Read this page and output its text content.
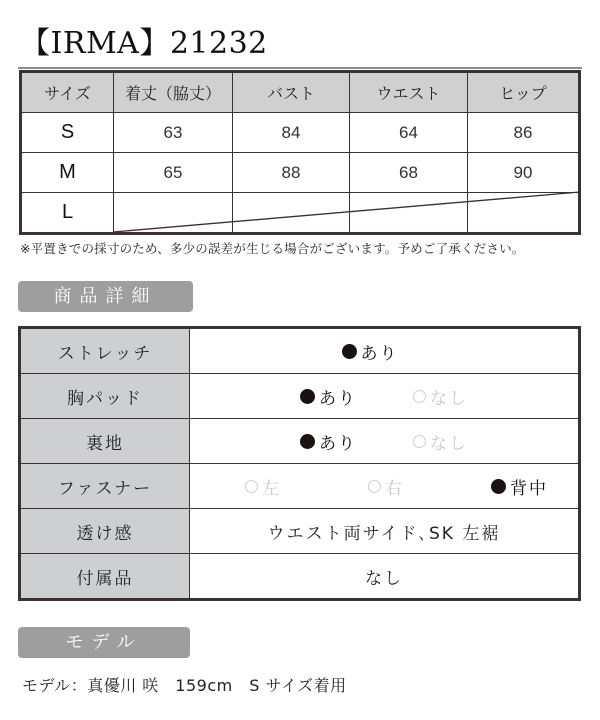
【IRMA】21232
サイズ	着丈（脇丈）	バスト	ウエスト	ヒップ
S	63	84	64	86
M	65	88	68	90
L				
※平置きでの採寸のため、多少の誤差が生じる場合がございます。予めご了承ください。
商品詳細
ストレッチ	あり

胸パッド	あり なし

裏地	あり なし

ファスナー	左 右 背中

透け感	ウエスト両サイド､SK 左裾
付属品	なし
モデル
モデル：真優川 咲　159cm　S サイズ着用
